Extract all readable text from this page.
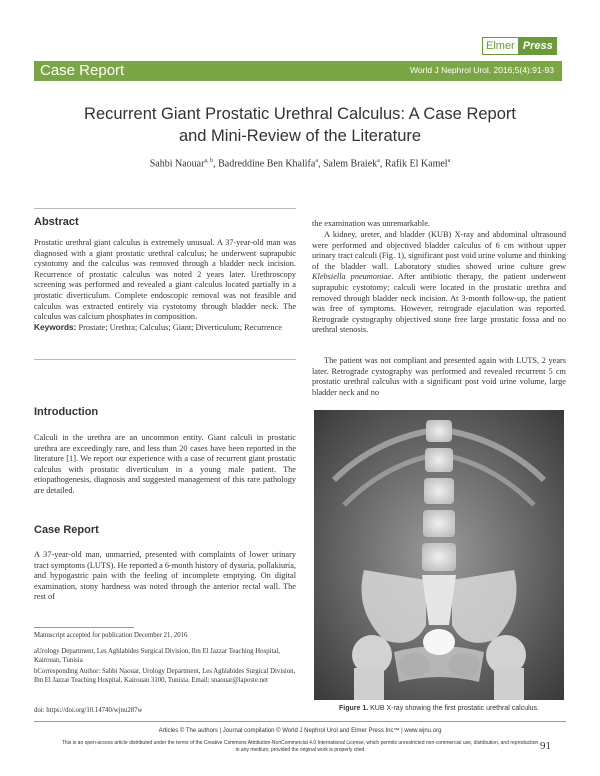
Elmer Press
Case Report	World J Nephrol Urol. 2016;5(4):91-93
Recurrent Giant Prostatic Urethral Calculus: A Case Report
and Mini-Review of the Literature
Sahbi Naouar$^{a, b}$, Badreddine Ben Khalifa$^a$, Salem Braiek$^a$, Rafik El Kamel$^a$
Abstract
Prostatic urethral giant calculus is extremely unusual. A 37-year-old man was diagnosed with a giant prostatic urethral calculus; he underwent suprapubic cystotomy and the calculus was removed through a bladder neck incision. Recurrence of prostatic calculus was noted 2 years later. Urethroscopy screening was performed and revealed a giant calculus located partially in a prostatic diverticulum. Complete endoscopic removal was not feasible and calculus was extracted entirely via cystotomy through bladder neck. The calculus was calcium phosphates in composition.
Keywords: Prostate; Urethra; Calculus; Giant; Diverticulum; Recurrence
Introduction
Calculi in the urethra are an uncommon entity. Giant calculi in prostatic urethra are exceedingly rare, and less than 20 cases have been reported in the literature [1]. We report our experience with a case of recurrent giant prostatic calculus with prostatic diverticulum in a young male patient. The etiopathogenesis, diagnosis and suggested management of this rare pathology are detailed.
Case Report
A 37-year-old man, unmarried, presented with complaints of lower urinary tract symptoms (LUTS). He reported a 6-month history of dysuria, pollakiuria, and hypogastric pain with the feeling of incomplete emptying. On digital examination, stony hardness was noted through the anterior rectal wall. The rest of
the examination was unremarkable.
A kidney, ureter, and bladder (KUB) X-ray and abdominal ultrasound were performed and objectived bladder calculus of 6 cm without upper urinary tract calculi (Fig. 1), significant post void urine volume and thinking of the bladder wall. Laboratory studies showed urine culture grew Klebsiella pneumoniae. After antibiotic therapy, the patient underwent suprapubic cystotomy; calculi were located in the prostatic urethra and removed through bladder neck incision. At 3-month follow-up, the patient was free of symptoms. However, retrograde ejaculation was reported. Retrograde cystography objectived stone free large prostatic fossa and no urethral stenosis.
The patient was not compliant and presented again with LUTS, 2 years later. Retrograde cystography was performed and revealed recurrent 5 cm prostatic urethral calculus with a significant post void urine volume, large bladder neck and no
Figure 1. KUB X-ray showing the first prostatic urethral calculus.
Manuscript accepted for publication December 21, 2016
aUrology Department, Les Aghlabides Surgical Division, Ibn El Jazzar Teaching Hospital, Kairouan, Tunisia
bCorresponding Author: Sahbi Naouar, Urology Department, Les Aghlabides Surgical Division, Ibn El Jazzar Teaching Hospital, Kairouan 3100, Tunisia. Email: snaouar@laposte.net
doi: https://doi.org/10.14740/wjnu287w
Articles © The authors | Journal compilation © World J Nephrol Urol and Elmer Press Inc™ | www.wjnu.org
This is an open-access article distributed under the terms of the Creative Commons Attribution-NonCommercial 4.0 International License, which permits unrestricted non-commercial use, distribution, and reproduction in any medium, provided the original work is properly cited	91
